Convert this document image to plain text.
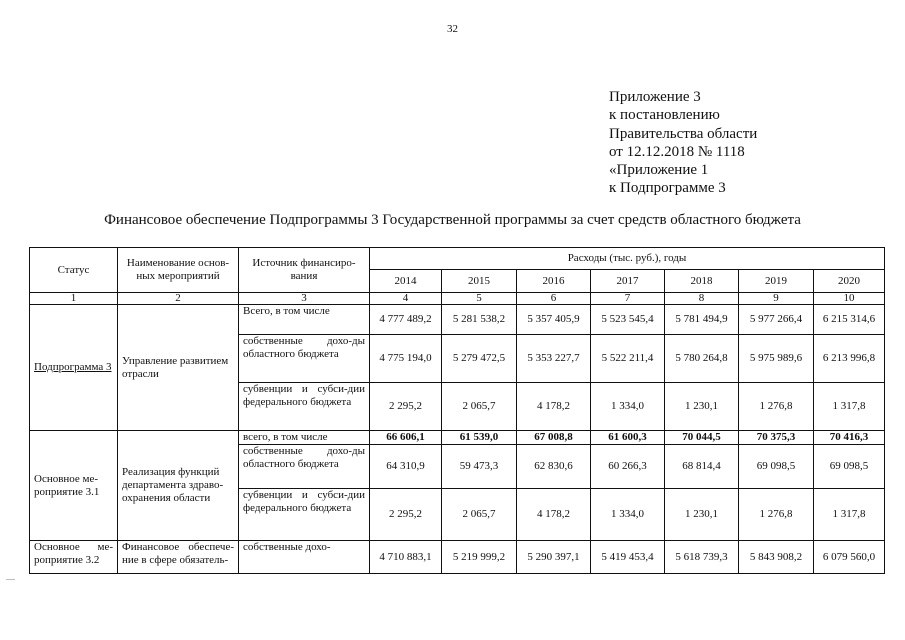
32
Приложение 3
к постановлению
Правительства области
от 12.12.2018 № 1118
«Приложение 1
к Подпрограмме 3
Финансовое обеспечение Подпрограммы 3 Государственной программы за счет средств областного бюджета
—
Статус	Наименование основ-ных мероприятий	Источник финансиро-вания	Расходы (тыс. руб.), годы						
			2014	2015	2016	2017	2018	2019	2020
1	2	3	4	5	6	7	8	9	10
Подпрограмма 3	Управление развитием отрасли	Всего, в том числе	4 777 489,2	5 281 538,2	5 357 405,9	5 523 545,4	5 781 494,9	5 977 266,4	6 215 314,6
		собственные дохо-ды областного бюджета	4 775 194,0	5 279 472,5	5 353 227,7	5 522 211,4	5 780 264,8	5 975 989,6	6 213 996,8
		субвенции и субси-дии федерального бюджета	2 295,2	2 065,7	4 178,2	1 334,0	1 230,1	1 276,8	1 317,8
Основное ме-роприятие 3.1	Реализация функций департамента здраво-охранения области	всего, в том числе	66 606,1	61 539,0	67 008,8	61 600,3	70 044,5	70 375,3	70 416,3
		собственные дохо-ды областного бюджета	64 310,9	59 473,3	62 830,6	60 266,3	68 814,4	69 098,5	69 098,5
		субвенции и субси-дии федерального бюджета	2 295,2	2 065,7	4 178,2	1 334,0	1 230,1	1 276,8	1 317,8
Основное ме-роприятие 3.2	Финансовое обеспече-ние в сфере обязатель-	собственные дохо-	4 710 883,1	5 219 999,2	5 290 397,1	5 419 453,4	5 618 739,3	5 843 908,2	6 079 560,0
